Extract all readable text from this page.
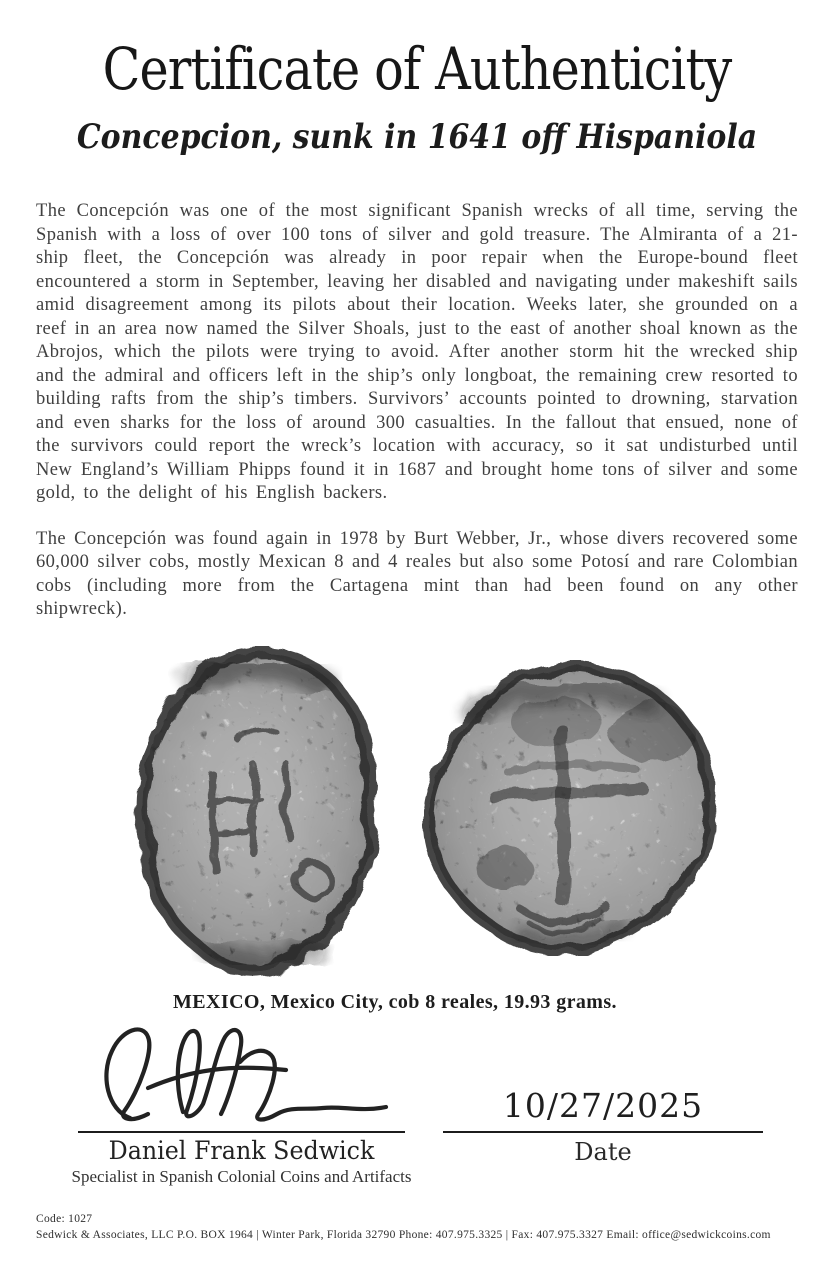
Certificate of Authenticity
Concepcion, sunk in 1641 off Hispaniola

The Concepción was one of the most significant Spanish wrecks of all time, serving the Spanish with a loss of over 100 tons of silver and gold treasure. The Almiranta of a 21-ship fleet, the Concepción was already in poor repair when the Europe-bound fleet encountered a storm in September, leaving her disabled and navigating under makeshift sails amid disagreement among its pilots about their location. Weeks later, she grounded on a reef in an area now named the Silver Shoals, just to the east of another shoal known as the Abrojos, which the pilots were trying to avoid. After another storm hit the wrecked ship and the admiral and officers left in the ship’s only longboat, the remaining crew resorted to building rafts from the ship’s timbers. Survivors’ accounts pointed to drowning, starvation and even sharks for the loss of around 300 casualties. In the fallout that ensued, none of the survivors could report the wreck’s location with accuracy, so it sat undisturbed until New England’s William Phipps found it in 1687 and brought home tons of silver and some gold, to the delight of his English backers.

The Concepción was found again in 1978 by Burt Webber, Jr., whose divers recovered some 60,000 silver cobs, mostly Mexican 8 and 4 reales but also some Potosí and rare Colombian cobs (including more from the Cartagena mint than had been found on any other shipwreck).

MEXICO, Mexico City, cob 8 reales, 19.93 grams.
Daniel Frank Sedwick
Specialist in Spanish Colonial Coins and Artifacts
10/27/2025
Date
Code: 1027
Sedwick & Associates, LLC P.O. BOX 1964 | Winter Park, Florida 32790 Phone: 407.975.3325 | Fax: 407.975.3327 Email: office@sedwickcoins.com
